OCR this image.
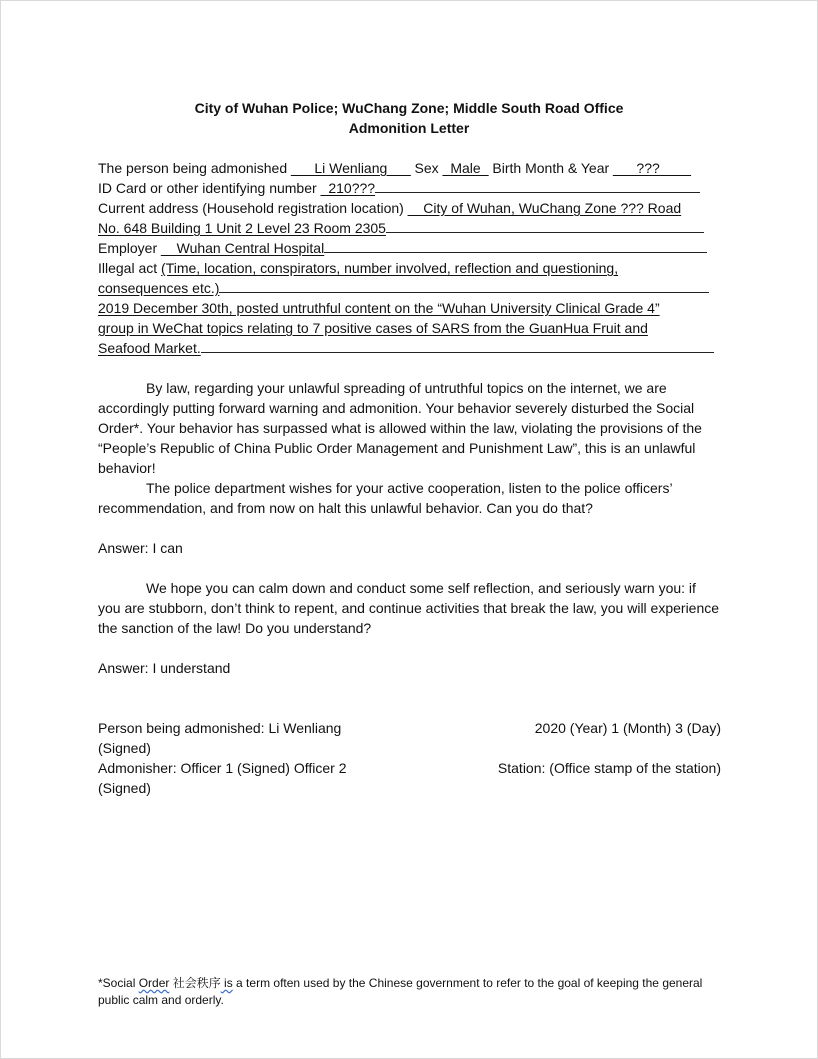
City of Wuhan Police; WuChang Zone; Middle South Road Office
Admonition Letter
The person being admonished ___Li Wenliang___ Sex _Male_ Birth Month & Year ___???____
ID Card or other identifying number _210???
Current address (Household registration location) __City of Wuhan, WuChang Zone ??? Road
No. 648 Building 1 Unit 2 Level 23 Room 2305
Employer __Wuhan Central Hospital
Illegal act (Time, location, conspirators, number involved, reflection and questioning,
consequences etc.)
2019 December 30th, posted untruthful content on the “Wuhan University Clinical Grade 4”
group in WeChat topics relating to 7 positive cases of SARS from the GuanHua Fruit and
Seafood Market.
By law, regarding your unlawful spreading of untruthful topics on the internet, we are accordingly putting forward warning and admonition. Your behavior severely disturbed the Social Order*. Your behavior has surpassed what is allowed within the law, violating the provisions of the “People’s Republic of China Public Order Management and Punishment Law”, this is an unlawful behavior!
The police department wishes for your active cooperation, listen to the police officers’ recommendation, and from now on halt this unlawful behavior. Can you do that?
Answer: I can
We hope you can calm down and conduct some self reflection, and seriously warn you: if you are stubborn, don’t think to repent, and continue activities that break the law, you will experience the sanction of the law! Do you understand?
Answer: I understand
Person being admonished: Li Wenliang
(Signed)
2020 (Year) 1 (Month) 3 (Day)
Admonisher: Officer 1 (Signed) Officer 2
(Signed)
Station: (Office stamp of the station)
*Social Order 社会秩序 is a term often used by the Chinese government to refer to the goal of keeping the general public calm and orderly.
